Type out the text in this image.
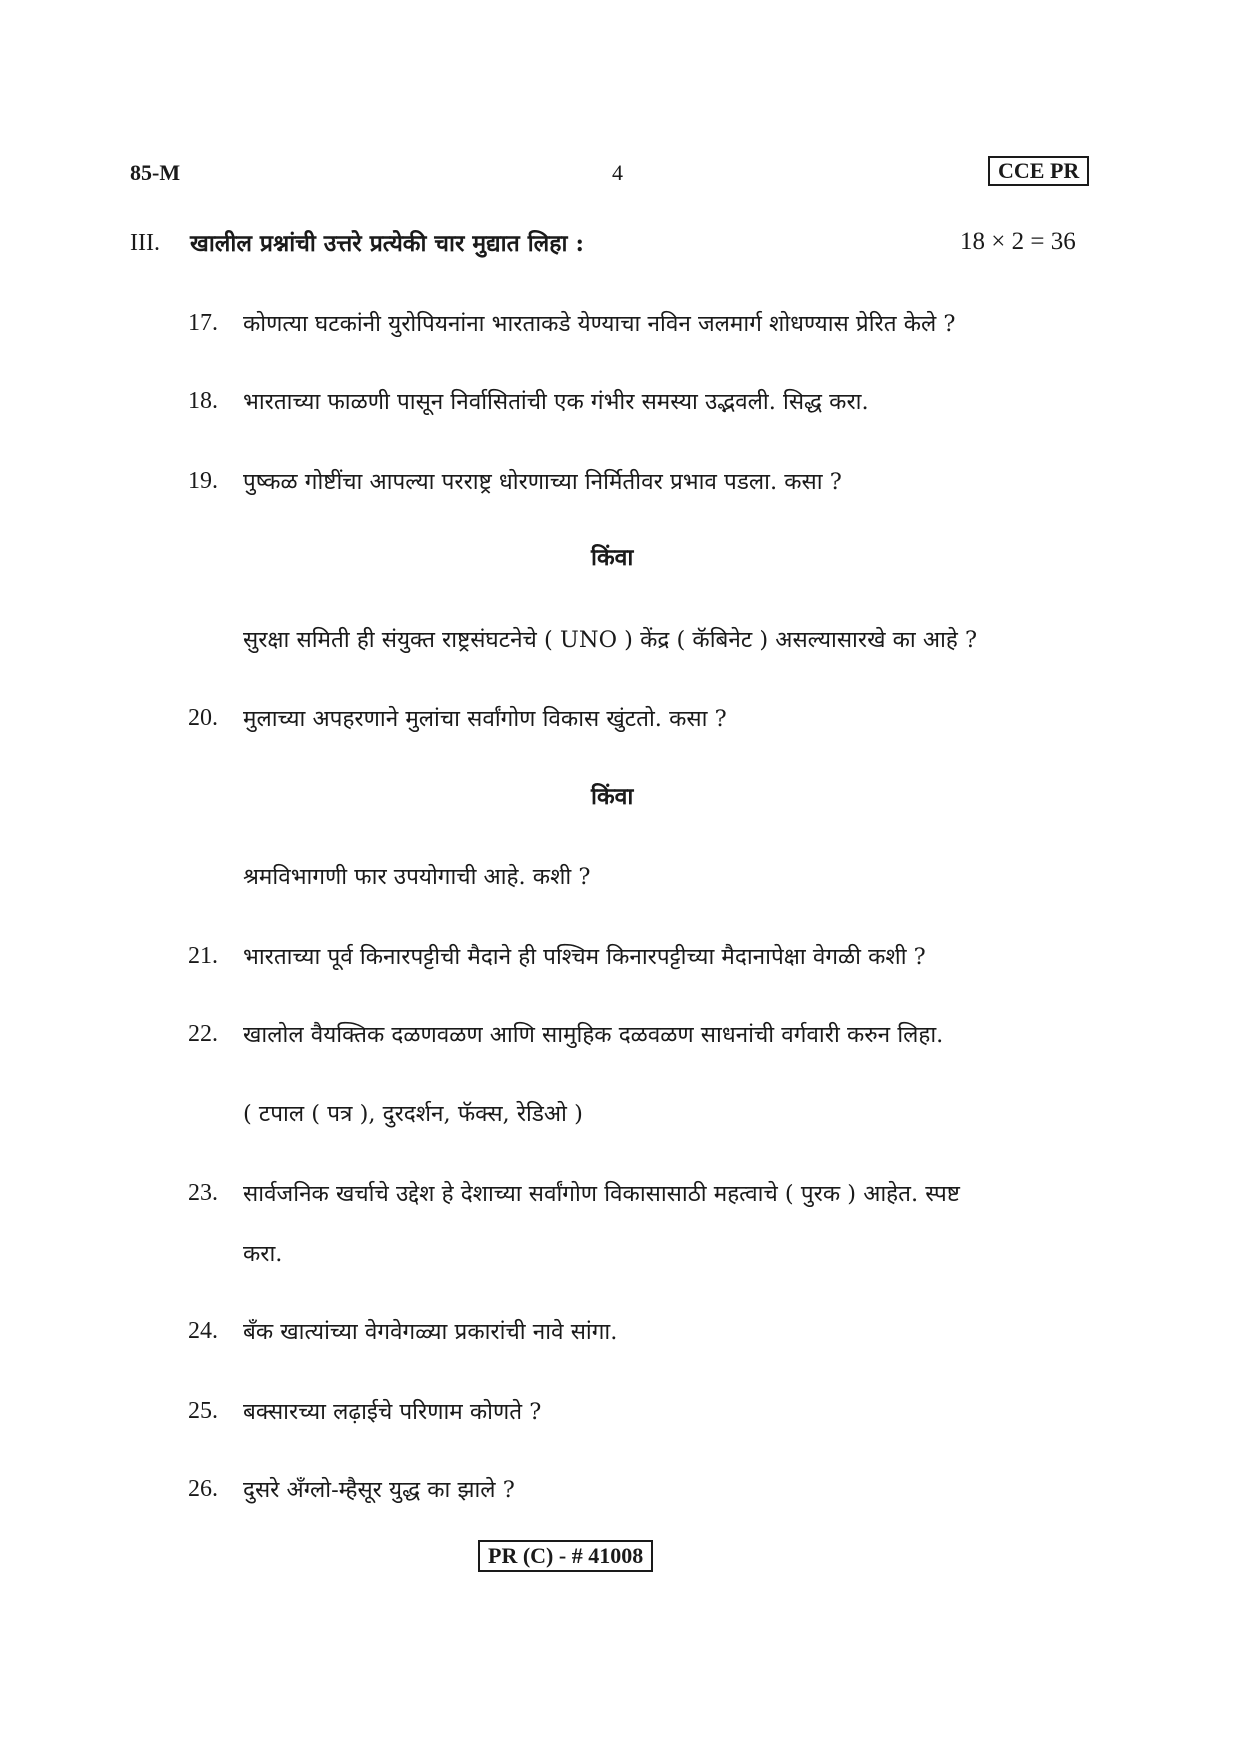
85-M	4	CCE PR
III. खालील प्रश्नांची उत्तरे प्रत्येकी चार मुद्यात लिहा :	18 × 2 = 36
17. कोणत्या घटकांनी युरोपियनांना भारताकडे येण्याचा नविन जलमार्ग शोधण्यास प्रेरित केले ?
18. भारताच्या फाळणी पासून निर्वासितांची एक गंभीर समस्या उद्भवली. सिद्ध करा.
19. पुष्कळ गोष्टींचा आपल्या परराष्ट्र धोरणाच्या निर्मितीवर प्रभाव पडला. कसा ?
किंवा
सुरक्षा समिती ही संयुक्त राष्ट्रसंघटनेचे ( UNO ) केंद्र ( कॅबिनेट ) असल्यासारखे का आहे ?
20. मुलाच्या अपहरणाने मुलांचा सर्वांगोण विकास खुंटतो. कसा ?
किंवा
श्रमविभागणी फार उपयोगाची आहे. कशी ?
21. भारताच्या पूर्व किनारपट्टीची मैदाने ही पश्चिम किनारपट्टीच्या मैदानापेक्षा वेगळी कशी ?
22. खालोल वैयक्तिक दळणवळण आणि सामुहिक दळवळण साधनांची वर्गवारी करुन लिहा.
( टपाल ( पत्र ), दुरदर्शन, फॅक्स, रेडिओ )
23. सार्वजनिक खर्चाचे उद्देश हे देशाच्या सर्वांगोण विकासासाठी महत्वाचे ( पुरक ) आहेत. स्पष्ट
करा.
24. बँक खात्यांच्या वेगवेगळ्या प्रकारांची नावे सांगा.
25. बक्सारच्या लढ़ाईचे परिणाम कोणते ?
26. दुसरे अँग्लो-म्हैसूर युद्ध का झाले ?
PR (C) - # 41008
